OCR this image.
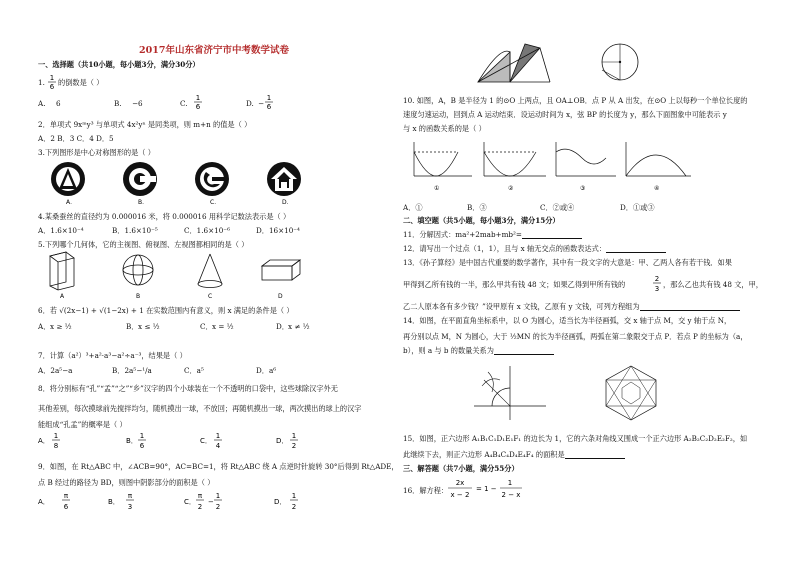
2017年山东省济宁市中考数学试卷
一、选择题（共10小题，每小题3分，满分30分）
1. 1
6 的倒数是（ ）
A. 6	B. −6	C.
1
6	D. −
1
6
2．单项式 9xᵐy³ 与单项式 4x²yⁿ 是同类项，则 m+n 的值是（ ）
A．2 B．3 C．4 D．5
3.下列图形是中心对称图形的是（ ）
A．	B．	C．	D．
4.某桑蚕丝的直径约为 0.000016 米，将 0.000016 用科学记数法表示是（ ）
A．1.6×10⁻⁴	B．1.6×10⁻⁵	C．1.6×10⁻⁶	D．16×10⁻⁴
5.下列哪个几何体，它的主视图、俯视图、左视图都相同的是（ ）
A	B	C	D
6．若 √(2x−1) + √(1−2x) + 1 在实数范围内有意义，则 x 满足的条件是（ ）
A． x ≥ ½	B． x ≤ ½	C． x = ½	D． x ≠ ½
7．计算（a²）³+a²·a³−a²÷a⁻³，结果是（ ）
A．2a⁵−a	B．2a⁵−¹/a	C．a⁵	D．a⁶
8．将分别标有“孔”“孟”“之”“乡”汉字的四个小球装在一个不透明的口袋中，这些球除汉字外无
其他差别，每次摸球前先搅拌均匀，随机摸出一球，不放回；再随机摸出一球，两次摸出的球上的汉字
能组成“孔孟”的概率是（ ）
A．
1
8
B．
1
6
C．
1
4
D．
1
2
9．如图，在 Rt△ABC 中，∠ACB=90°，AC=BC=1，将 Rt△ABC 绕 A 点逆时针旋转 30°后得到 Rt△ADE，
点 B 经过的路径为 BD，则图中阴影部分的面积是（ ）
A．
π
6
B．
π
3
C．
π
2
−
1
2
D．
1
2
10. 如图，A，B 是半径为 1 的⊙O 上两点，且 OA⊥OB．点 P 从 A 出发，在⊙O 上以每秒一个单位长度的
速度匀速运动，回到点 A 运动结束．设运动时间为 x，弦 BP 的长度为 y，那么下面图象中可能表示 y
与 x 的函数关系的是（ ）
①	②	③	④
A．①	B．③	C．②或④	D．①或③
二、填空题（共5小题，每小题3分，满分15分）
11．分解因式：ma²+2mab+mb²=
12．请写出一个过点（1，1），且与 x 轴无交点的函数表达式：
13．《孙子算经》是中国古代重要的数学著作，其中有一段文字的大意是：甲、乙两人各有若干钱．如果
甲得到乙所有钱的一半，那么甲共有钱 48 文；如果乙得到甲所有钱的
2
3 ，那么乙也共有钱 48 文，甲，
乙二人原本各有多少钱？”设甲原有 x 文钱，乙原有 y 文钱，可列方程组为
14．如图，在平面直角坐标系中，以 O 为圆心，适当长为半径画弧，交 x 轴于点 M，交 y 轴于点 N，
再分别以点 M，N 为圆心，大于 ½MN 的长为半径画弧，两弧在第二象限交于点 P．若点 P 的坐标为（a，
b），则 a 与 b 的数量关系为
15．如图，正六边形 A₁B₁C₁D₁E₁F₁ 的边长为 1，它的六条对角线又围成一个正六边形 A₂B₂C₂D₂E₂F₂，如
此继续下去，则正六边形 A₄B₄C₄D₄E₄F₄ 的面积是
三、解答题（共7小题，满分55分）
16．解方程：
2x
x − 2
= 1 −
1
2 − x
